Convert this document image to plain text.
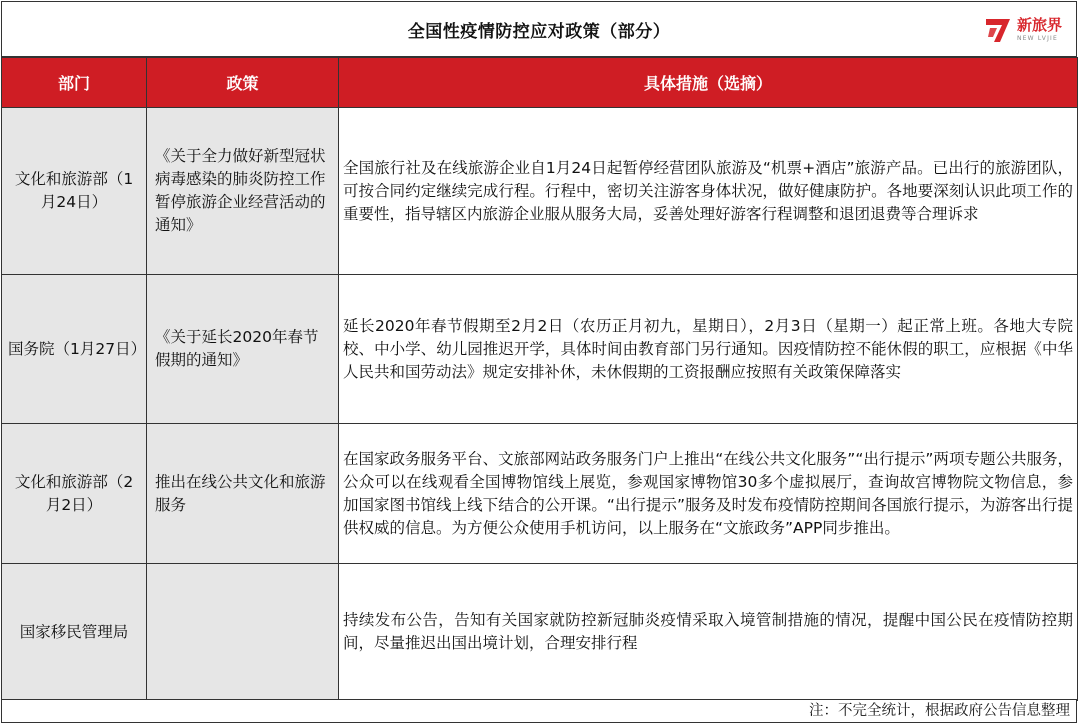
全国性疫情防控应对政策（部分）	新旅界
NEW LVJIE
部门	政策	具体措施（选摘）
文化和旅游部（1月24日）	《关于全力做好新型冠状病毒感染的肺炎防控工作暂停旅游企业经营活动的通知》	全国旅行社及在线旅游企业自1月24日起暂停经营团队旅游及“机票+酒店”旅游产品。已出行的旅游团队，可按合同约定继续完成行程。行程中，密切关注游客身体状况，做好健康防护。各地要深刻认识此项工作的重要性，指导辖区内旅游企业服从服务大局，妥善处理好游客行程调整和退团退费等合理诉求
国务院（1月27日）	《关于延长2020年春节假期的通知》	延长2020年春节假期至2月2日（农历正月初九，星期日），2月3日（星期一）起正常上班。各地大专院校、中小学、幼儿园推迟开学，具体时间由教育部门另行通知。因疫情防控不能休假的职工，应根据《中华人民共和国劳动法》规定安排补休，未休假期的工资报酬应按照有关政策保障落实
文化和旅游部（2月2日）	推出在线公共文化和旅游服务	在国家政务服务平台、文旅部网站政务服务门户上推出“在线公共文化服务”“出行提示”两项专题公共服务，公众可以在线观看全国博物馆线上展览，参观国家博物馆30多个虚拟展厅，查询故宫博物院文物信息，参加国家图书馆线上线下结合的公开课。“出行提示”服务及时发布疫情防控期间各国旅行提示，为游客出行提供权威的信息。为方便公众使用手机访问，以上服务在“文旅政务”APP同步推出。
国家移民管理局		持续发布公告，告知有关国家就防控新冠肺炎疫情采取入境管制措施的情况，提醒中国公民在疫情防控期间，尽量推迟出国出境计划，合理安排行程
注：不完全统计，根据政府公告信息整理
